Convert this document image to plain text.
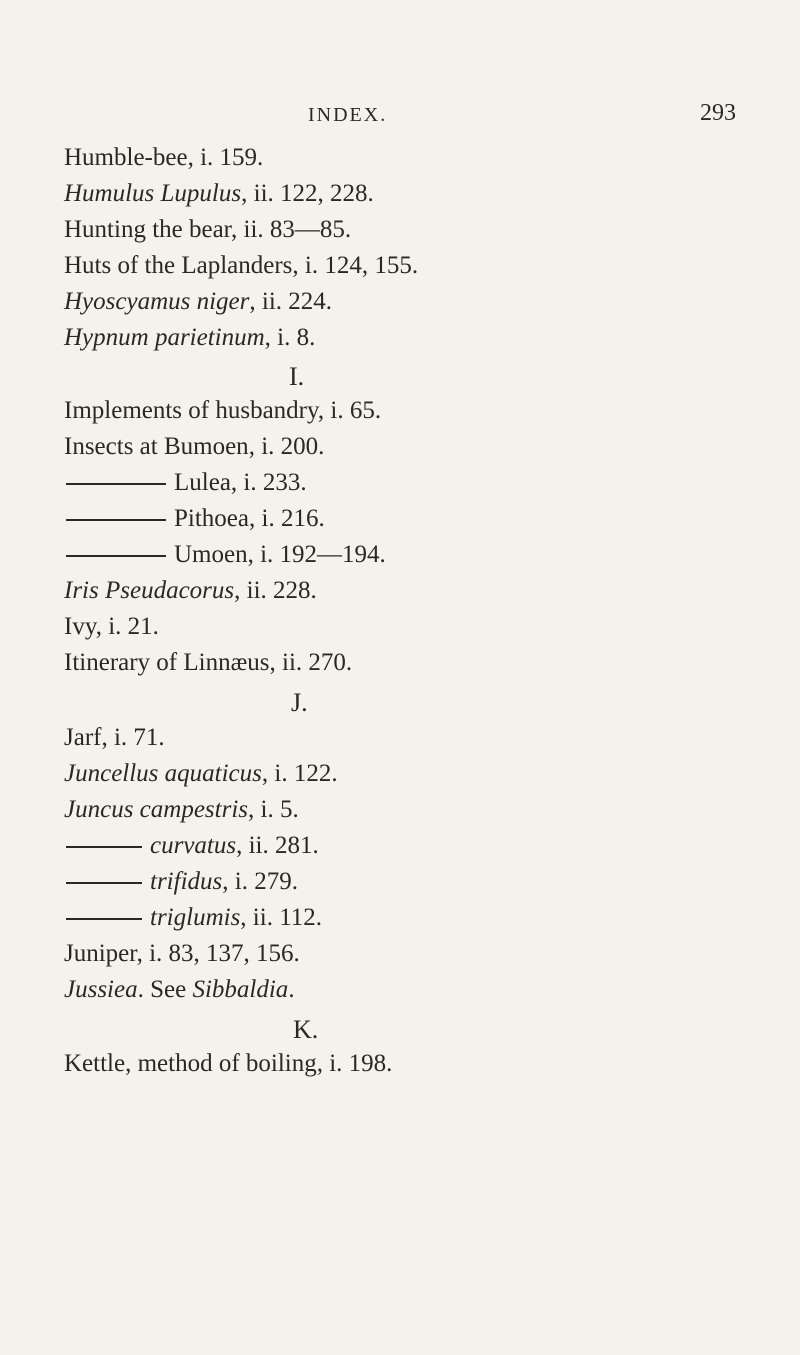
INDEX.	293
Humble-bee, i. 159.
Humulus Lupulus, ii. 122, 228.
Hunting the bear, ii. 83—85.
Huts of the Laplanders, i. 124, 155.
Hyoscyamus niger, ii. 224.
Hypnum parietinum, i. 8.
I.
Implements of husbandry, i. 65.
Insects at Bumoen, i. 200.
Lulea, i. 233.
Pithoea, i. 216.
Umoen, i. 192—194.
Iris Pseudacorus, ii. 228.
Ivy, i. 21.
Itinerary of Linnæus, ii. 270.
J.
Jarf, i. 71.
Juncellus aquaticus, i. 122.
Juncus campestris, i. 5.
curvatus, ii. 281.
trifidus, i. 279.
triglumis, ii. 112.
Juniper, i. 83, 137, 156.
Jussiea. See Sibbaldia.
K.
Kettle, method of boiling, i. 198.
